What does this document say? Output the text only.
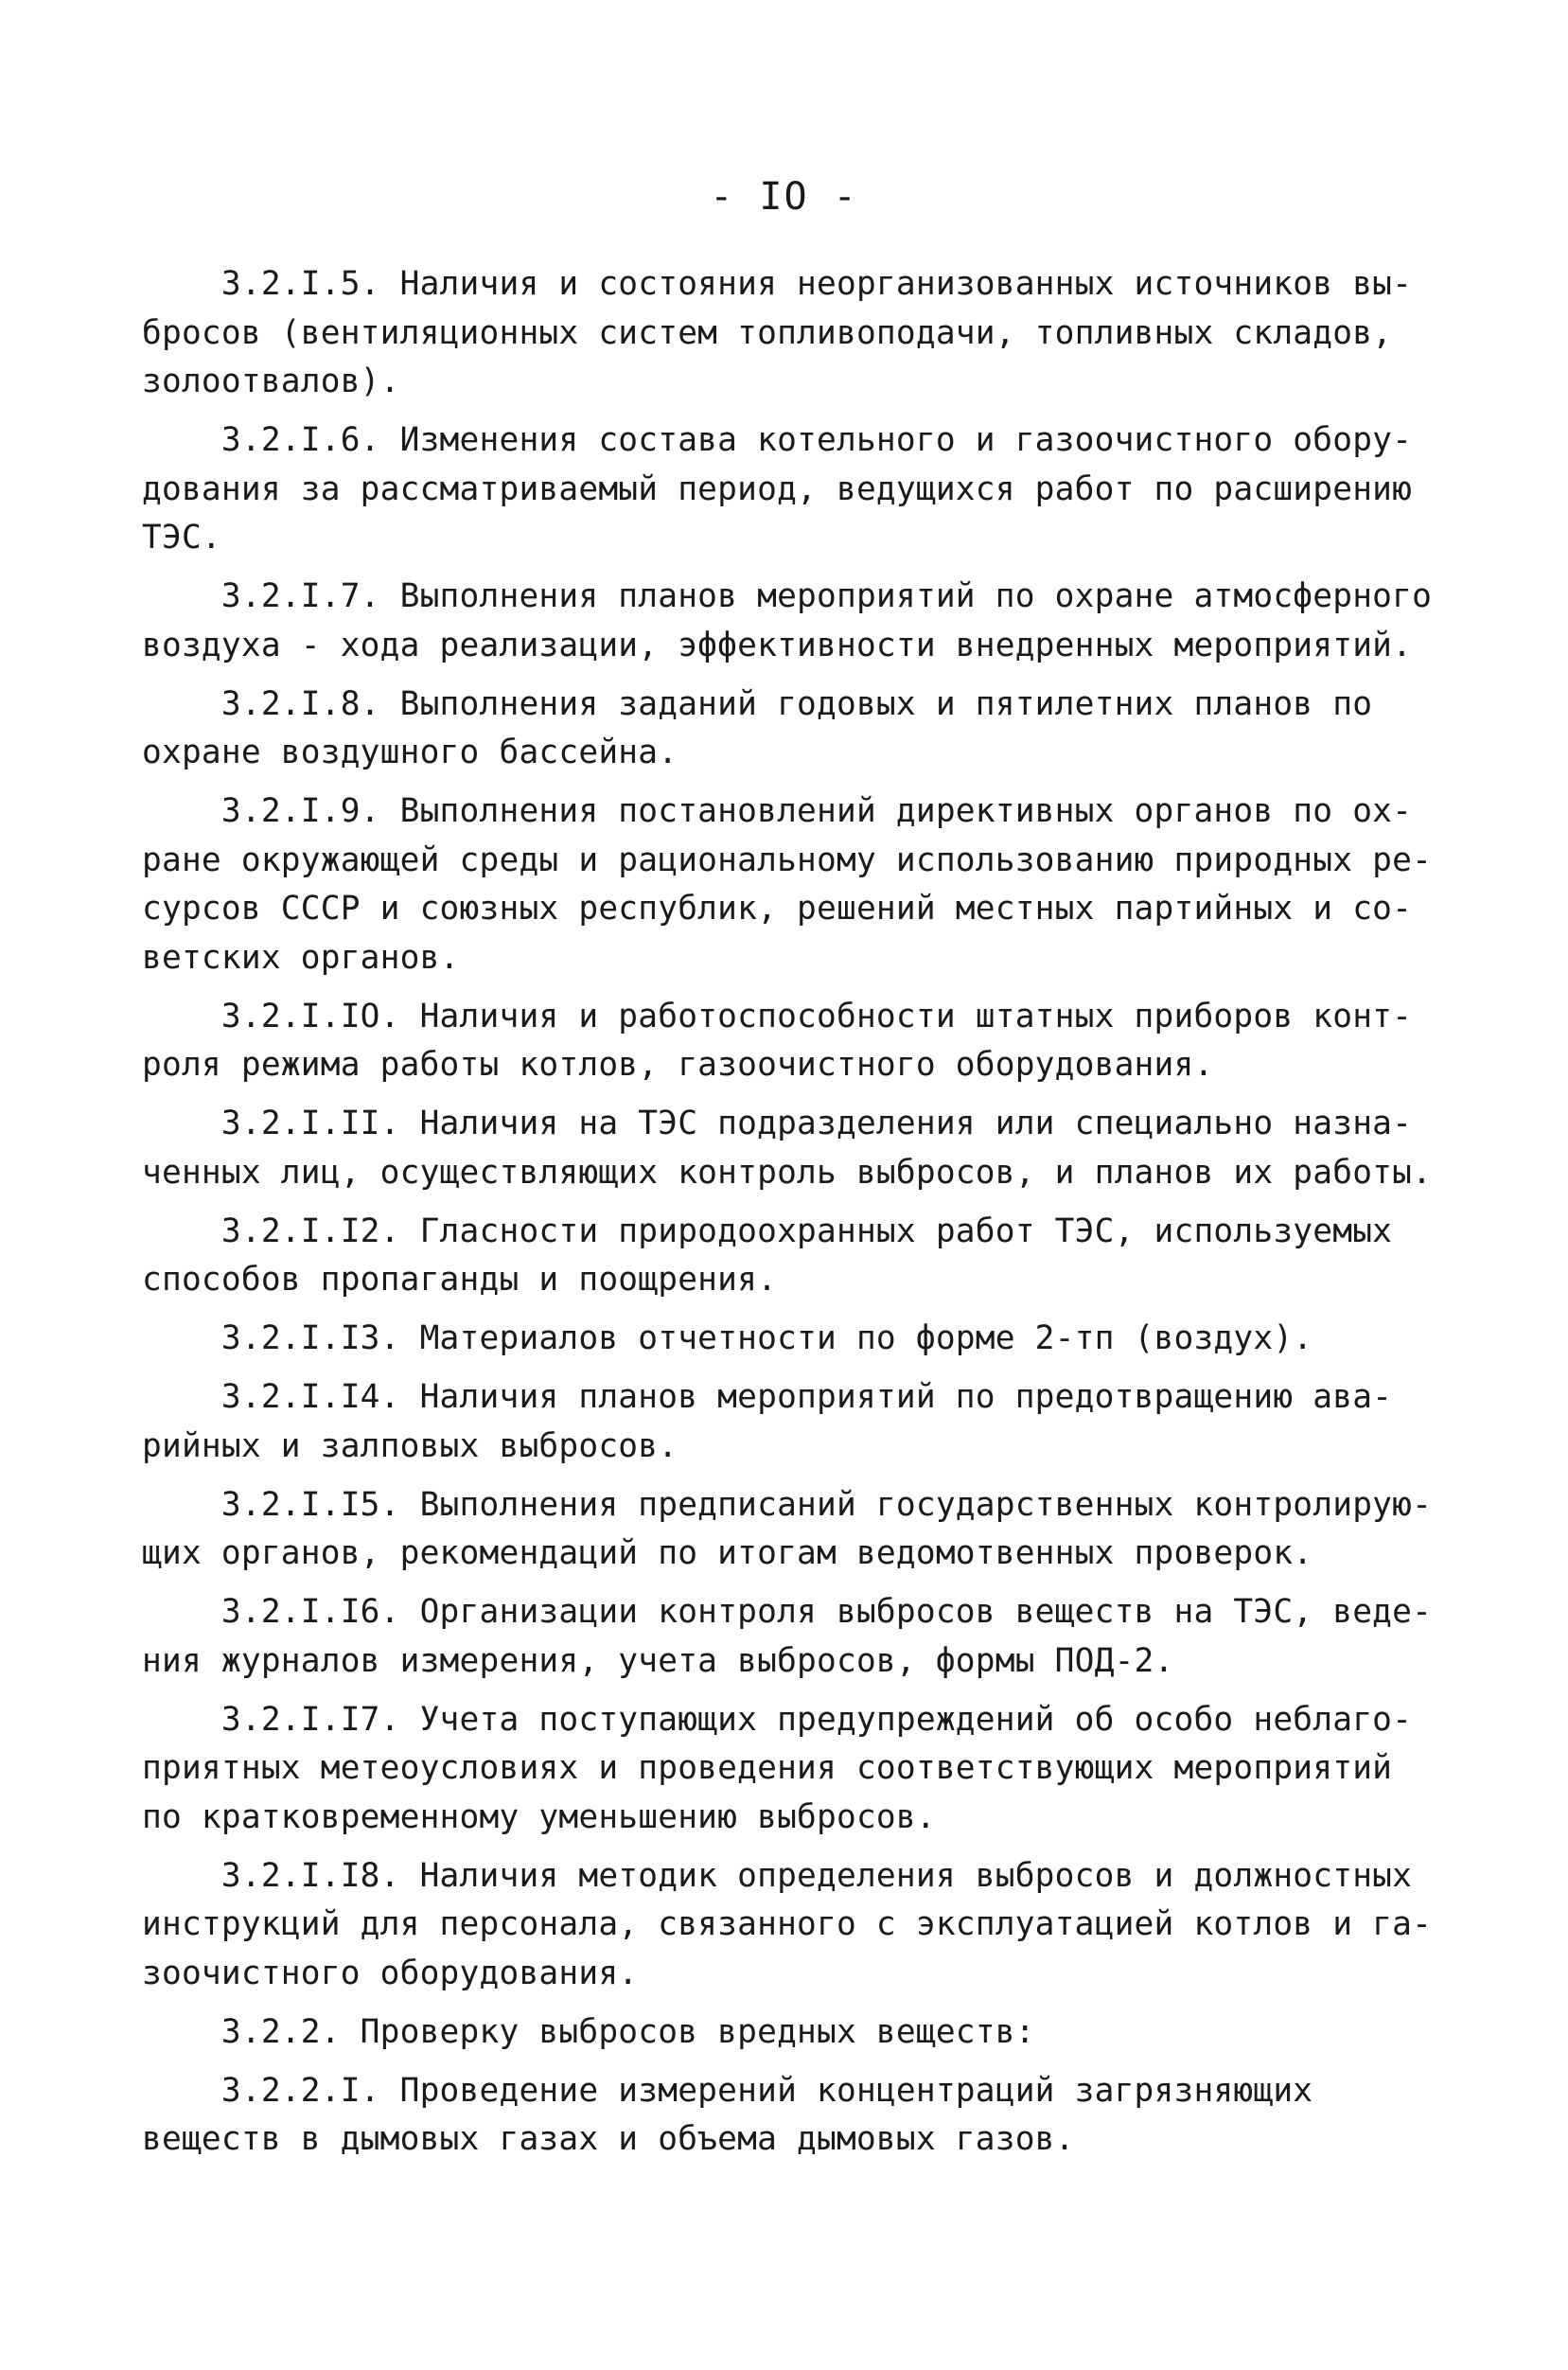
- IO -
3.2.I.5. Наличия и состояния неорганизованных источников вы-
бросов (вентиляционных систем топливоподачи, топливных складов,
золоотвалов).
3.2.I.6. Изменения состава котельного и газоочистного обору-
дования за рассматриваемый период, ведущихся работ по расширению
ТЭС.
3.2.I.7. Выполнения планов мероприятий по охране атмосферного
воздуха - хода реализации, эффективности внедренных мероприятий.
3.2.I.8. Выполнения заданий годовых и пятилетних планов по
охране воздушного бассейна.
3.2.I.9. Выполнения постановлений директивных органов по ох-
ране окружающей среды и рациональному использованию природных ре-
сурсов СССР и союзных республик, решений местных партийных и со-
ветских органов.
3.2.I.IO. Наличия и работоспособности штатных приборов конт-
роля режима работы котлов, газоочистного оборудования.
3.2.I.II. Наличия на ТЭС подразделения или специально назна-
ченных лиц, осуществляющих контроль выбросов, и планов их работы.
3.2.I.I2. Гласности природоохранных работ ТЭС, используемых
способов пропаганды и поощрения.
3.2.I.I3. Материалов отчетности по форме 2-тп (воздух).
3.2.I.I4. Наличия планов мероприятий по предотвращению ава-
рийных и залповых выбросов.
3.2.I.I5. Выполнения предписаний государственных контролирую-
щих органов, рекомендаций по итогам ведомотвенных проверок.
3.2.I.I6. Организации контроля выбросов веществ на ТЭС, веде-
ния журналов измерения, учета выбросов, формы ПОД-2.
3.2.I.I7. Учета поступающих предупреждений об особо неблаго-
приятных метеоусловиях и проведения соответствующих мероприятий
по кратковременному уменьшению выбросов.
3.2.I.I8. Наличия методик определения выбросов и должностных
инструкций для персонала, связанного с эксплуатацией котлов и га-
зоочистного оборудования.
3.2.2. Проверку выбросов вредных веществ:
3.2.2.I. Проведение измерений концентраций загрязняющих
веществ в дымовых газах и объема дымовых газов.
